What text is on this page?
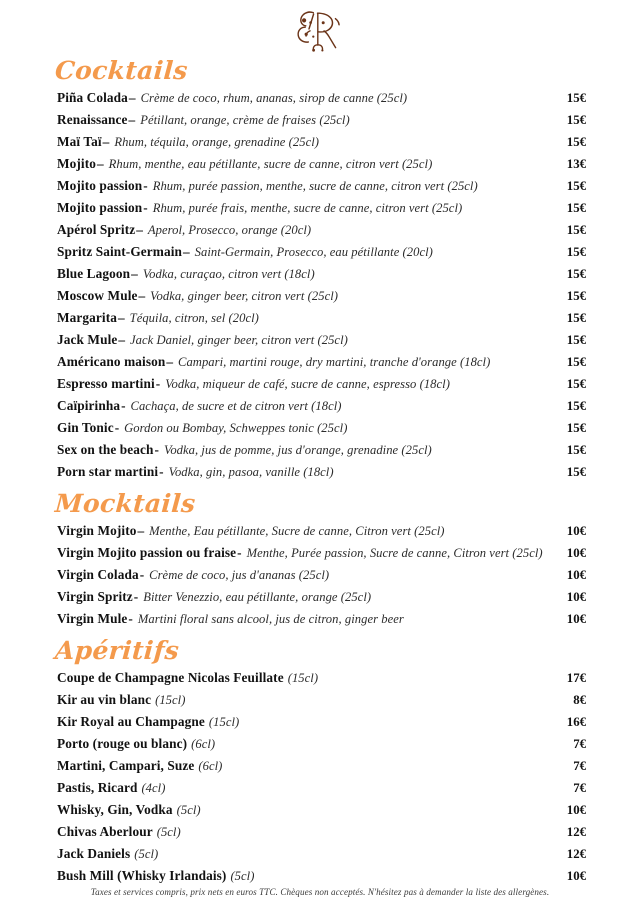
Cocktails
Piña Colada– Crème de coco, rhum, ananas, sirop de canne (25cl)	15€
Renaissance– Pétillant, orange, crème de fraises (25cl)	15€
Maï Taï– Rhum, téquila, orange, grenadine (25cl)	15€
Mojito– Rhum, menthe, eau pétillante, sucre de canne, citron vert (25cl)	13€
Mojito passion- Rhum, purée passion, menthe, sucre de canne, citron vert (25cl)	15€
Mojito passion- Rhum, purée frais, menthe, sucre de canne, citron vert (25cl)	15€
Apérol Spritz– Aperol, Prosecco, orange (20cl)	15€
Spritz Saint-Germain– Saint-Germain, Prosecco, eau pétillante (20cl)	15€
Blue Lagoon– Vodka, curaçao, citron vert (18cl)	15€
Moscow Mule– Vodka, ginger beer, citron vert (25cl)	15€
Margarita– Téquila, citron, sel (20cl)	15€
Jack Mule– Jack Daniel, ginger beer, citron vert (25cl)	15€
Américano maison– Campari, martini rouge, dry martini, tranche d'orange (18cl)	15€
Espresso martini- Vodka, miqueur de café, sucre de canne, espresso (18cl)	15€
Caïpirinha- Cachaça, de sucre et de citron vert (18cl)	15€
Gin Tonic- Gordon ou Bombay, Schweppes tonic (25cl)	15€
Sex on the beach- Vodka, jus de pomme, jus d'orange, grenadine (25cl)	15€
Porn star martini- Vodka, gin, pasoa, vanille (18cl)	15€
Mocktails
Virgin Mojito– Menthe, Eau pétillante, Sucre de canne, Citron vert (25cl)	10€
Virgin Mojito passion ou fraise- Menthe, Purée passion, Sucre de canne, Citron vert (25cl)	10€
Virgin Colada- Crème de coco, jus d'ananas (25cl)	10€
Virgin Spritz- Bitter Venezzio, eau pétillante, orange (25cl)	10€
Virgin Mule- Martini floral sans alcool, jus de citron, ginger beer	10€
Apéritifs
Coupe de Champagne Nicolas Feuillate (15cl)	17€
Kir au vin blanc (15cl)	8€
Kir Royal au Champagne (15cl)	16€
Porto (rouge ou blanc) (6cl)	7€
Martini, Campari, Suze (6cl)	7€
Pastis, Ricard (4cl)	7€
Whisky, Gin, Vodka (5cl)	10€
Chivas Aberlour (5cl)	12€
Jack Daniels (5cl)	12€
Bush Mill (Whisky Irlandais) (5cl)	10€
Taxes et services compris, prix nets en euros TTC. Chèques non acceptés. N'hésitez pas à demander la liste des allergènes.
